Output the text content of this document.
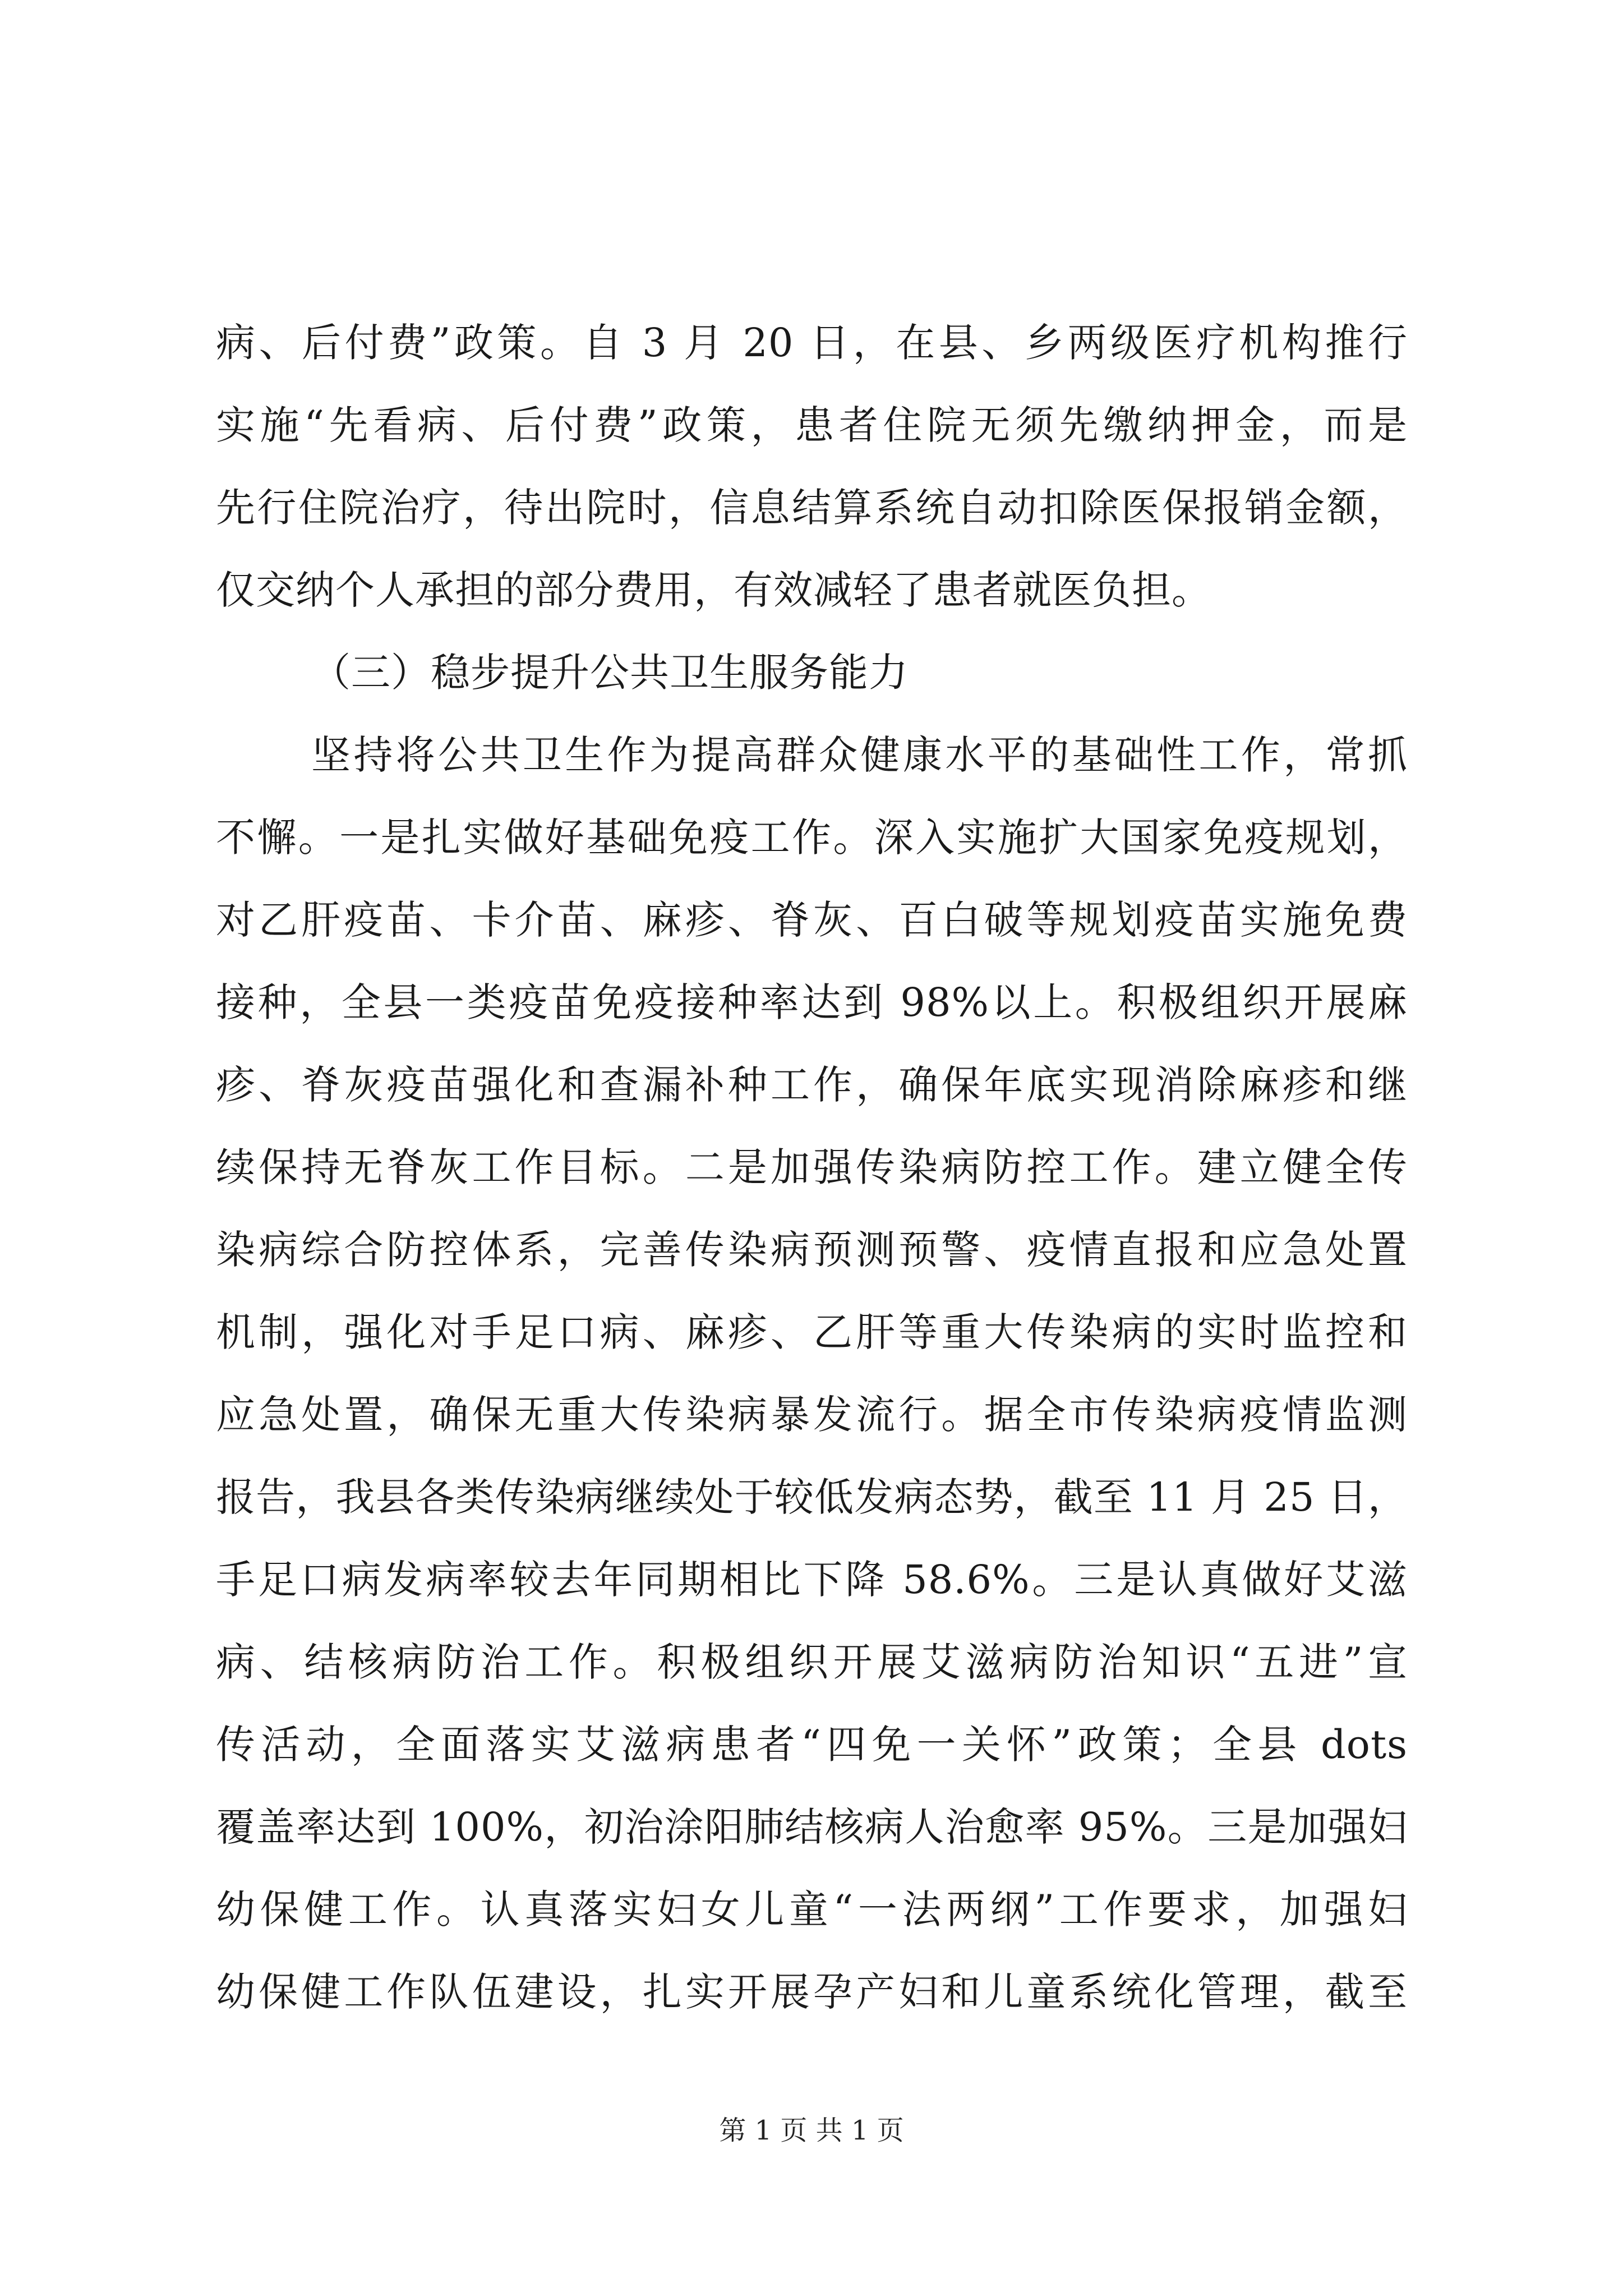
病、后付费”政策。自 3 月 20 日，在县、乡两级医疗机构推行
实施“先看病、后付费”政策，患者住院无须先缴纳押金，而是
先行住院治疗，待出院时，信息结算系统自动扣除医保报销金额，
仅交纳个人承担的部分费用，有效减轻了患者就医负担。
（三）稳步提升公共卫生服务能力
坚持将公共卫生作为提高群众健康水平的基础性工作，常抓
不懈。一是扎实做好基础免疫工作。深入实施扩大国家免疫规划，
对乙肝疫苗、卡介苗、麻疹、脊灰、百白破等规划疫苗实施免费
接种，全县一类疫苗免疫接种率达到 98%以上。积极组织开展麻
疹、脊灰疫苗强化和查漏补种工作，确保年底实现消除麻疹和继
续保持无脊灰工作目标。二是加强传染病防控工作。建立健全传
染病综合防控体系，完善传染病预测预警、疫情直报和应急处置
机制，强化对手足口病、麻疹、乙肝等重大传染病的实时监控和
应急处置，确保无重大传染病暴发流行。据全市传染病疫情监测
报告，我县各类传染病继续处于较低发病态势，截至 11 月 25 日，
手足口病发病率较去年同期相比下降 58.6%。三是认真做好艾滋
病、结核病防治工作。积极组织开展艾滋病防治知识“五进”宣
传活动，全面落实艾滋病患者“四免一关怀”政策；全县 dots
覆盖率达到 100%，初治涂阳肺结核病人治愈率 95%。三是加强妇
幼保健工作。认真落实妇女儿童“一法两纲”工作要求，加强妇
幼保健工作队伍建设，扎实开展孕产妇和儿童系统化管理，截至
第 1 页 共 1 页
